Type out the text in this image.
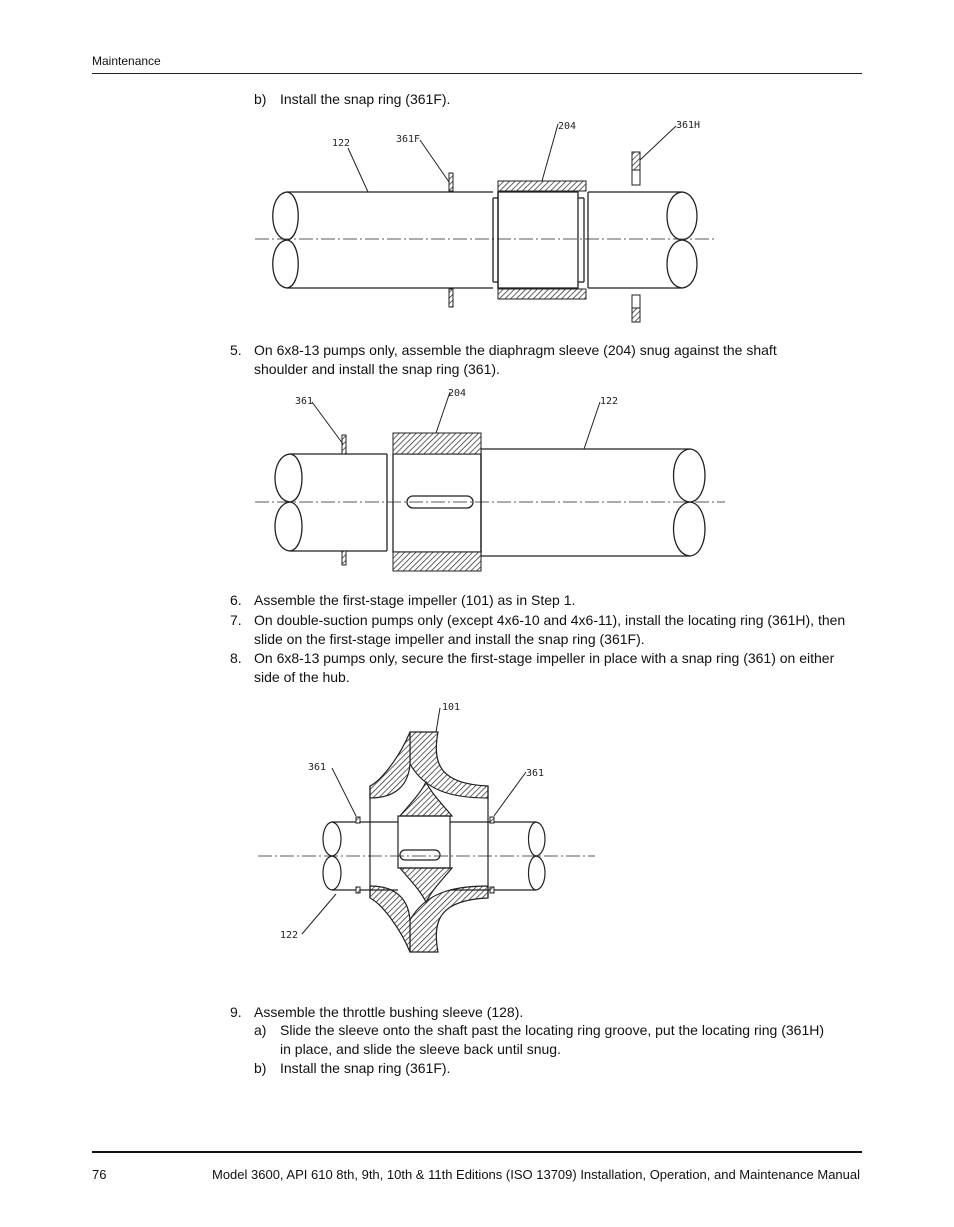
Maintenance
b) Install the snap ring (361F).
122	361F
204	361H
5. On 6x8-13 pumps only, assemble the diaphragm sleeve (204) snug against the shaft shoulder and install the snap ring (361).
361
204
122
6. Assemble the first-stage impeller (101) as in Step 1.
7. On double-suction pumps only (except 4x6-10 and 4x6-11), install the locating ring (361H), then slide on the first-stage impeller and install the snap ring (361F).
8. On 6x8-13 pumps only, secure the first-stage impeller in place with a snap ring (361) on either side of the hub.
101
361
361
122
9. Assemble the throttle bushing sleeve (128).
a) Slide the sleeve onto the shaft past the locating ring groove, put the locating ring (361H) in place, and slide the sleeve back until snug.
b) Install the snap ring (361F).
76	Model 3600, API 610 8th, 9th, 10th & 11th Editions (ISO 13709) Installation, Operation, and Maintenance Manual
